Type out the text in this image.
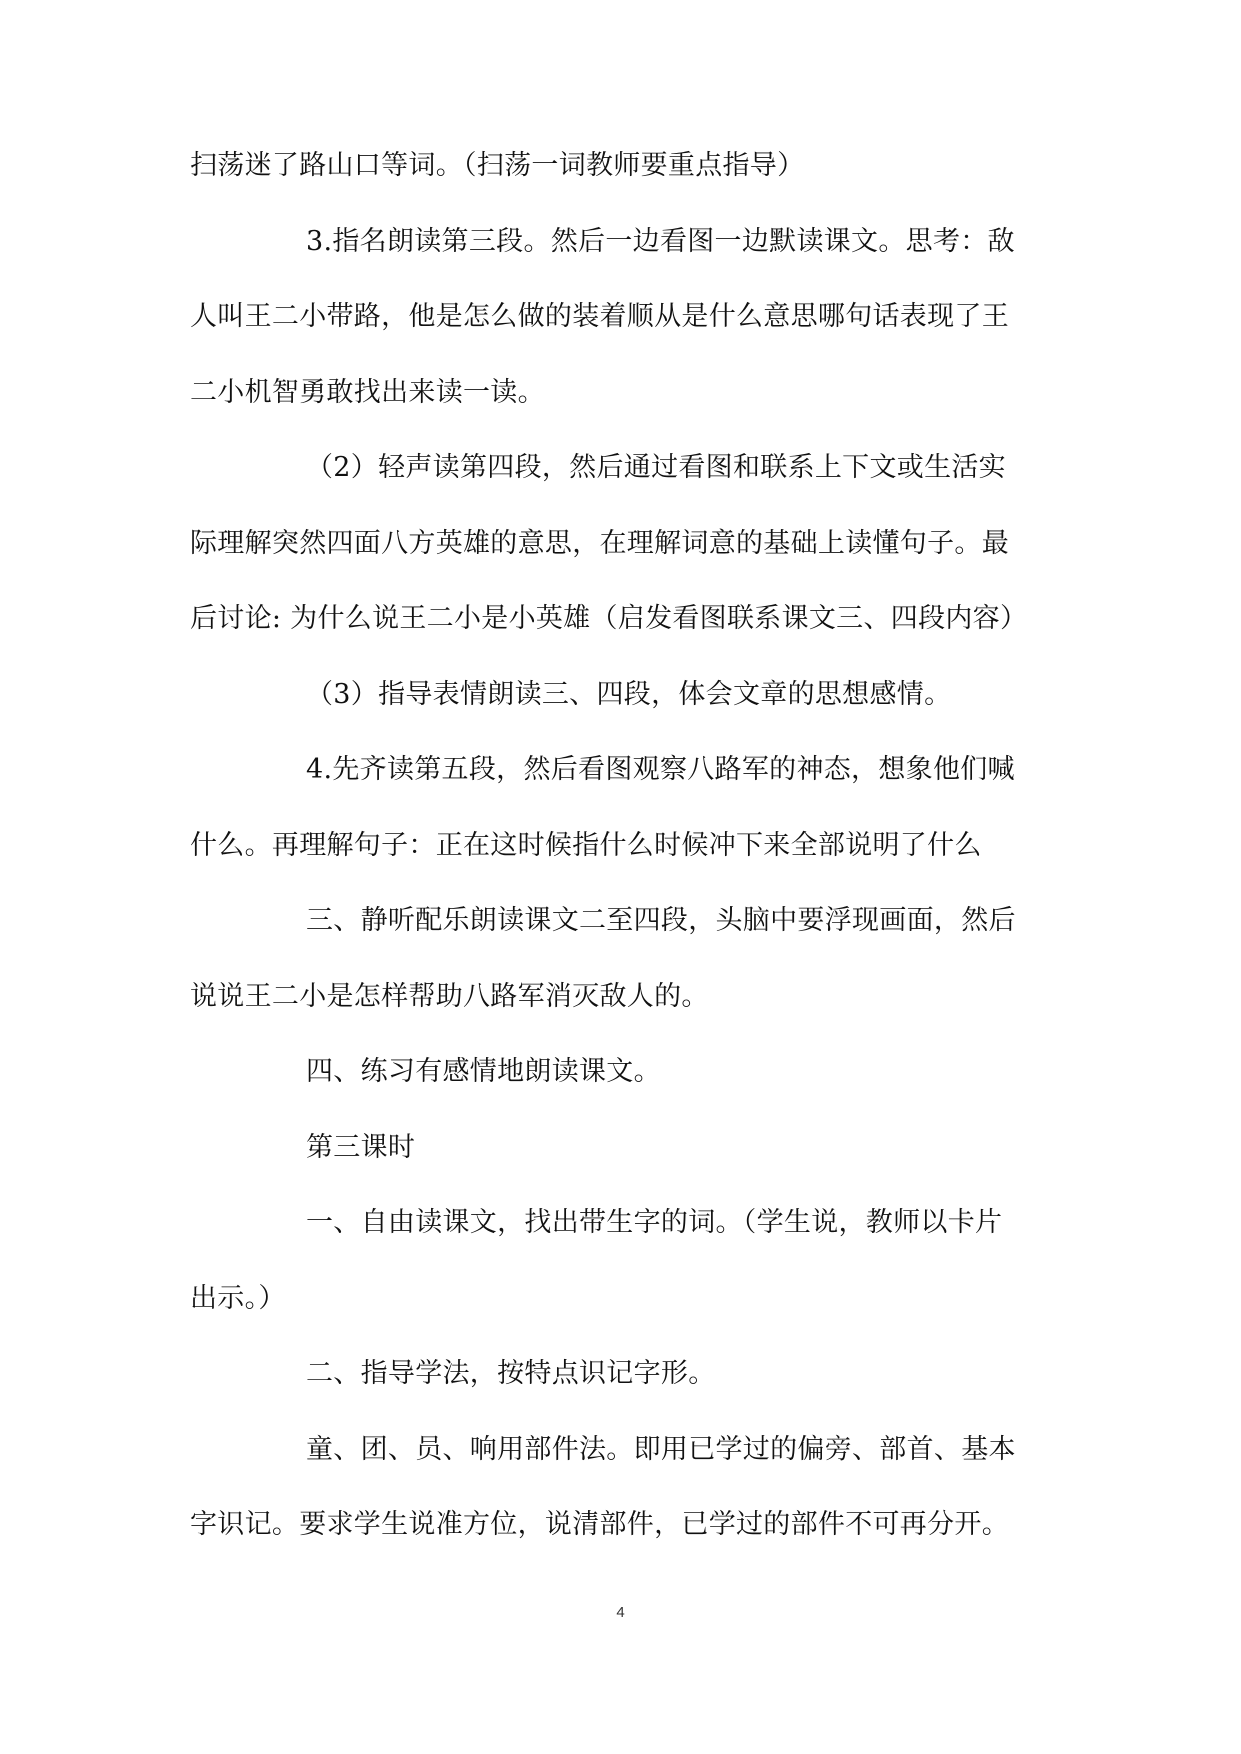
扫荡迷了路山口等词。（扫荡一词教师要重点指导）
3.指名朗读第三段。然后一边看图一边默读课文。思考：敌
人叫王二小带路，他是怎么做的装着顺从是什么意思哪句话表现了王
二小机智勇敢找出来读一读。
（2）轻声读第四段，然后通过看图和联系上下文或生活实
际理解突然四面八方英雄的意思，在理解词意的基础上读懂句子。最
后讨论: 为什么说王二小是小英雄（启发看图联系课文三、四段内容）
（3）指导表情朗读三、四段，体会文章的思想感情。
4.先齐读第五段，然后看图观察八路军的神态，想象他们喊
什么。再理解句子：正在这时候指什么时候冲下来全部说明了什么
三、静听配乐朗读课文二至四段，头脑中要浮现画面，然后
说说王二小是怎样帮助八路军消灭敌人的。
四、练习有感情地朗读课文。
第三课时
一、自由读课文，找出带生字的词。（学生说，教师以卡片
出示。）
二、指导学法，按特点识记字形。
童、团、员、响用部件法。即用已学过的偏旁、部首、基本
字识记。要求学生说准方位，说清部件，已学过的部件不可再分开。
4
